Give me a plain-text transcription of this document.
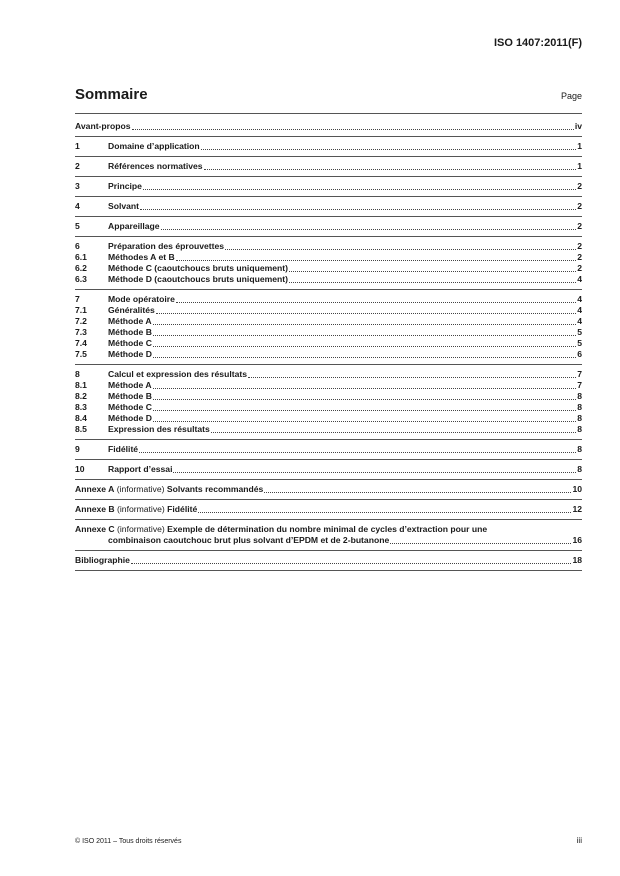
ISO 1407:2011(F)
Sommaire	Page
Avant-propos	iv
1	Domaine d’application	1
2	Références normatives	1
3	Principe	2
4	Solvant	2
5	Appareillage	2
6	Préparation des éprouvettes	2
6.1	Méthodes A et B	2
6.2	Méthode C (caoutchoucs bruts uniquement)	2
6.3	Méthode D (caoutchoucs bruts uniquement)	4
7	Mode opératoire	4
7.1	Généralités	4
7.2	Méthode A	4
7.3	Méthode B	5
7.4	Méthode C	5
7.5	Méthode D	6
8	Calcul et expression des résultats	7
8.1	Méthode A	7
8.2	Méthode B	8
8.3	Méthode C	8
8.4	Méthode D	8
8.5	Expression des résultats	8
9	Fidélité	8
10	Rapport d’essai	8
Annexe A (informative) Solvants recommandés	10
Annexe B (informative) Fidélité	12
Annexe C (informative) Exemple de détermination du nombre minimal de cycles d’extraction pour une
combinaison caoutchouc brut plus solvant d’EPDM et de 2-butanone	16
Bibliographie	18
© ISO 2011 – Tous droits réservés	iii
